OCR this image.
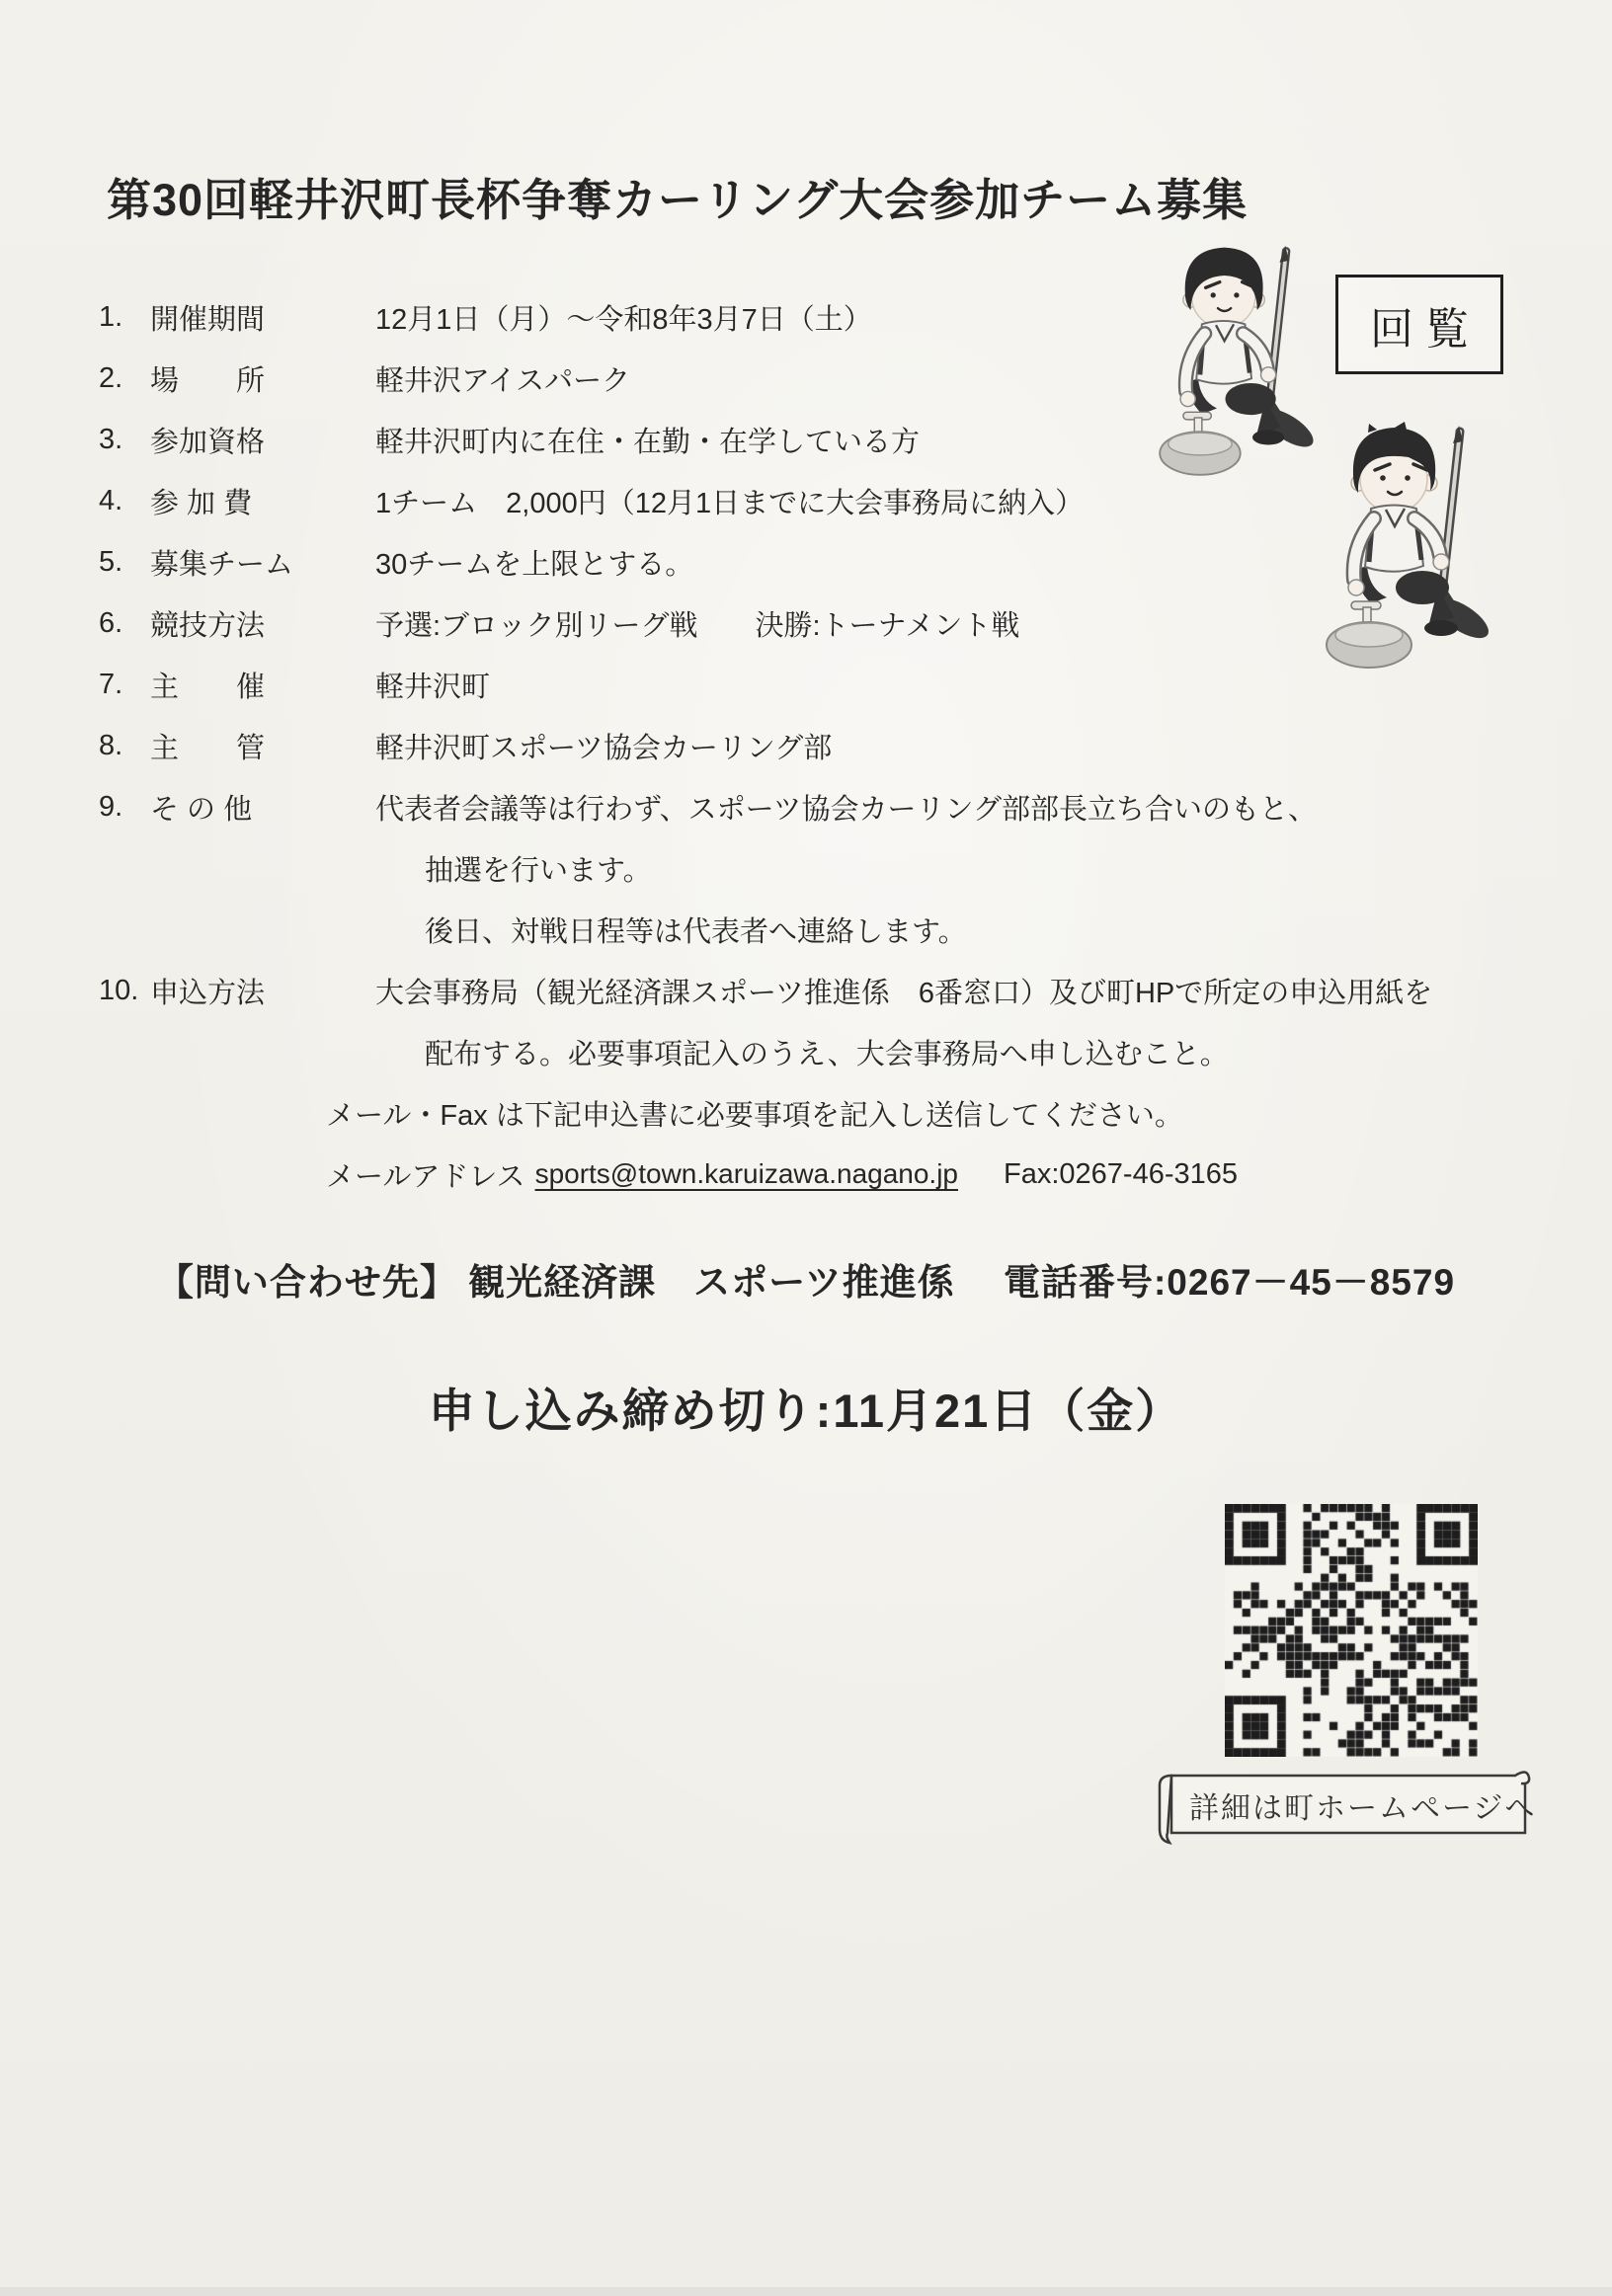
第30回軽井沢町長杯争奪カーリング大会参加チーム募集
回覧
1. 開催期間	12月1日（月）～令和8年3月7日（土）
2. 場　　所	軽井沢アイスパーク
3. 参加資格	軽井沢町内に在住・在勤・在学している方
4. 参 加 費	1チーム　2,000円（12月1日までに大会事務局に納入）
5. 募集チーム	30チームを上限とする。
6. 競技方法	予選:ブロック別リーグ戦　　決勝:トーナメント戦
7. 主　　催	軽井沢町
8. 主　　管	軽井沢町スポーツ協会カーリング部
9. そ の 他	代表者会議等は行わず、スポーツ協会カーリング部部長立ち合いのもと、
抽選を行います。
後日、対戦日程等は代表者へ連絡します。
10. 申込方法	大会事務局（観光経済課スポーツ推進係　6番窓口）及び町HPで所定の申込用紙を
配布する。必要事項記入のうえ、大会事務局へ申し込むこと。
メール・Fax は下記申込書に必要事項を記入し送信してください。
メールアドレス sports@town.karuizawa.nagano.jp Fax:0267-46-3165
【問い合わせ先】 観光経済課　スポーツ推進係　 電話番号:0267－45－8579
申し込み締め切り:11月21日（金）
詳細は町ホームページへ
